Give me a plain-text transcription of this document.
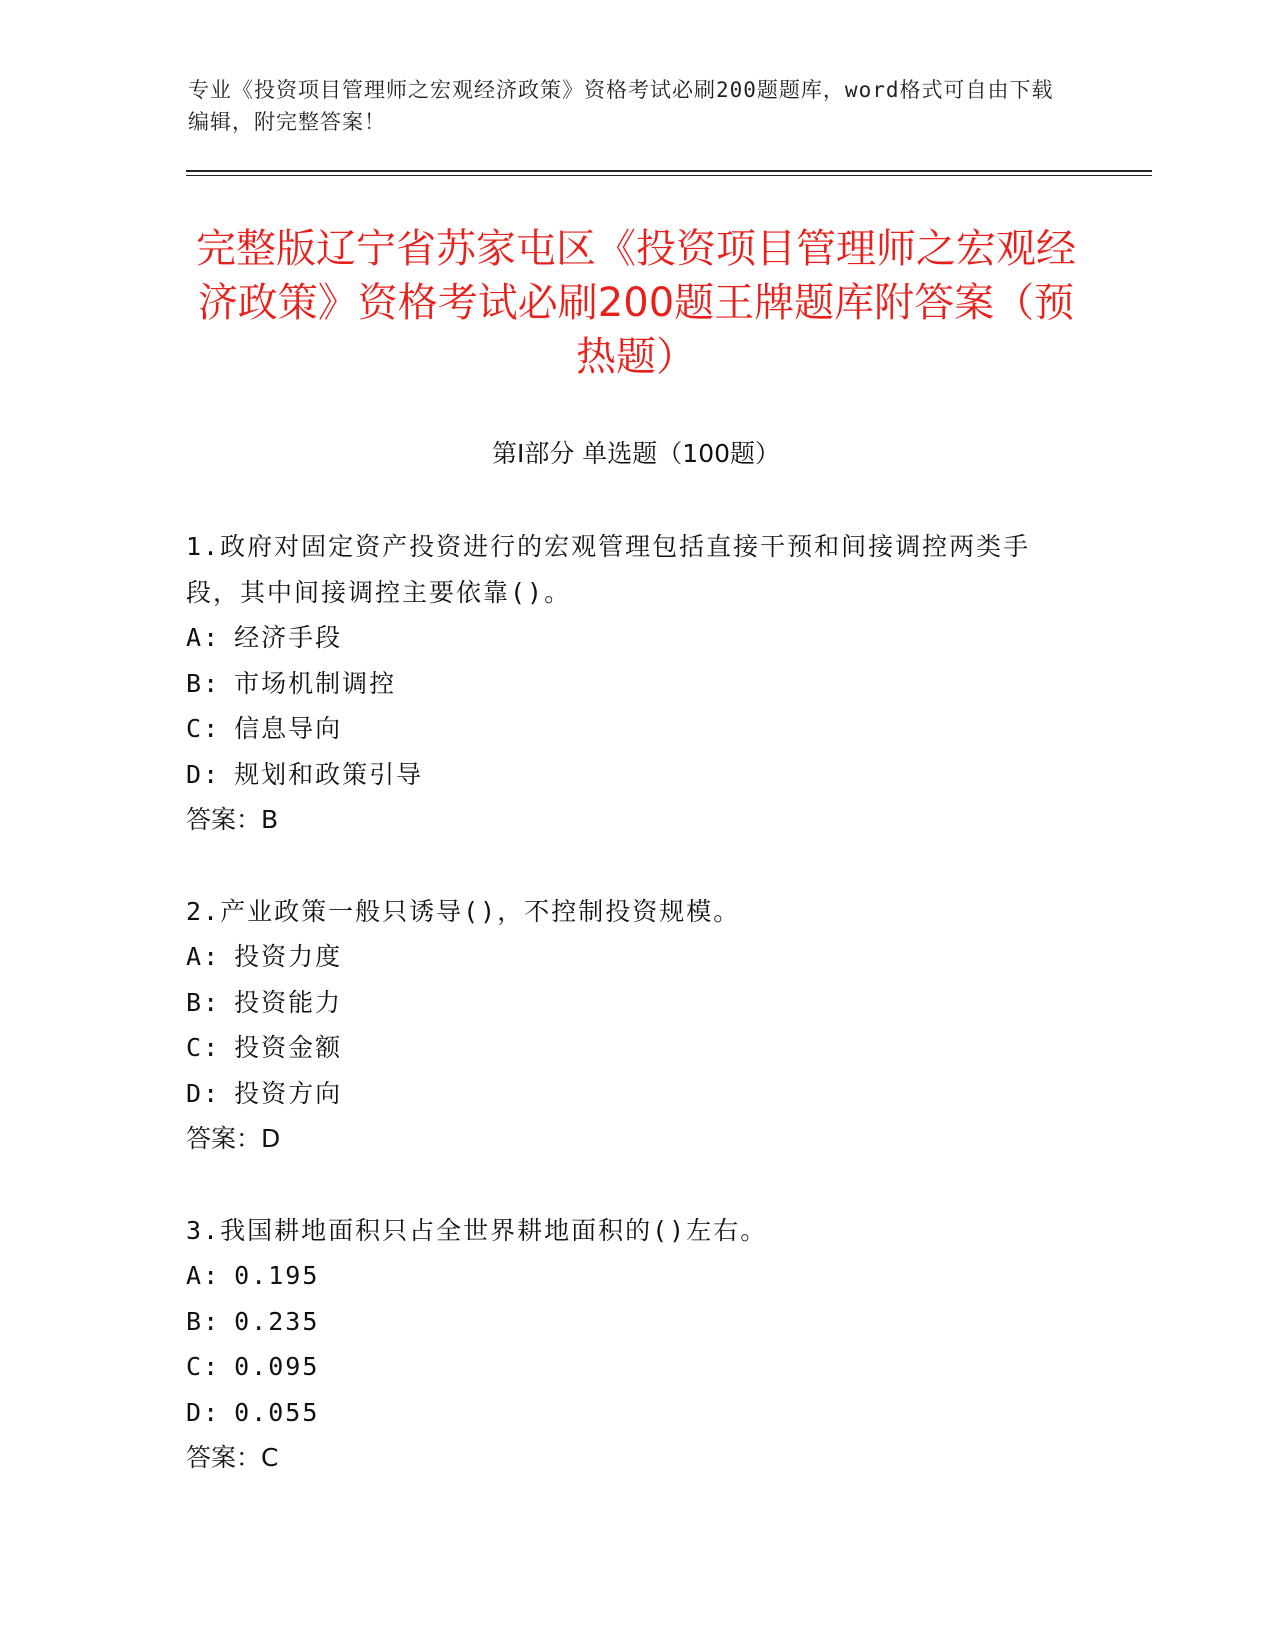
专业《投资项目管理师之宏观经济政策》资格考试必刷200题题库，word格式可自由下载编辑，附完整答案！
完整版辽宁省苏家屯区《投资项目管理师之宏观经济政策》资格考试必刷200题王牌题库附答案（预热题）
第I部分 单选题（100题）
1.政府对固定资产投资进行的宏观管理包括直接干预和间接调控两类手段，其中间接调控主要依靠()。
A: 经济手段
B: 市场机制调控
C: 信息导向
D: 规划和政策引导
答案：B
2.产业政策一般只诱导()，不控制投资规模。
A: 投资力度
B: 投资能力
C: 投资金额
D: 投资方向
答案：D
3.我国耕地面积只占全世界耕地面积的()左右。
A: 0.195
B: 0.235
C: 0.095
D: 0.055
答案：C
